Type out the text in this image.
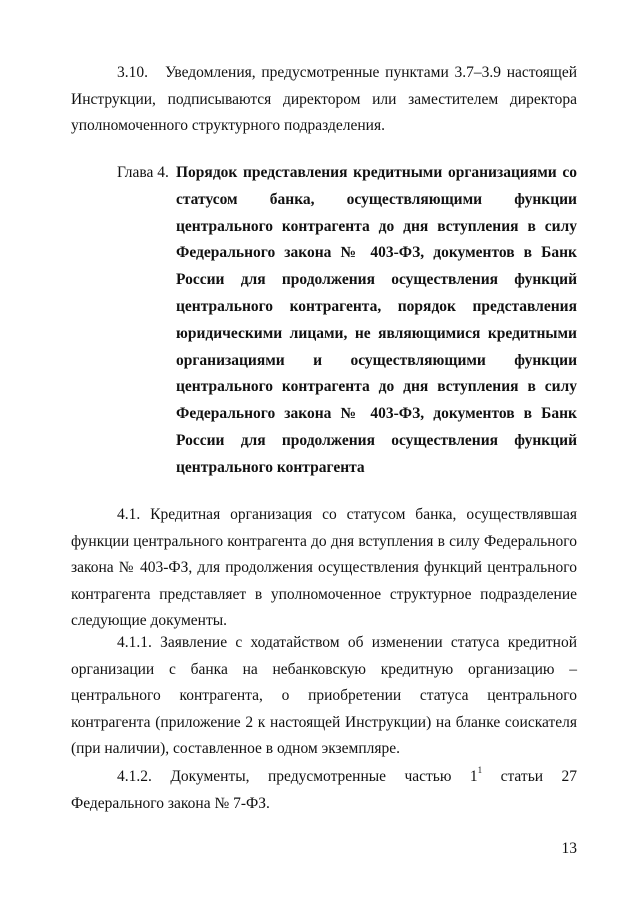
3.10. Уведомления, предусмотренные пунктами 3.7–3.9 настоящей Инструкции, подписываются директором или заместителем директора уполномоченного структурного подразделения.

Глава 4. Порядок представления кредитными организациями со статусом банка, осуществляющими функции центрального контрагента до дня вступления в силу Федерального закона № 403-ФЗ, документов в Банк России для продолжения осуществления функций центрального контрагента, порядок представления юридическими лицами, не являющимися кредитными организациями и осуществляющими функции центрального контрагента до дня вступления в силу Федерального закона № 403-ФЗ, документов в Банк России для продолжения осуществления функций центрального контрагента

4.1. Кредитная организация со статусом банка, осуществлявшая функции центрального контрагента до дня вступления в силу Федерального закона № 403-ФЗ, для продолжения осуществления функций центрального контрагента представляет в уполномоченное структурное подразделение следующие документы.

4.1.1. Заявление с ходатайством об изменении статуса кредитной организации с банка на небанковскую кредитную организацию – центрального контрагента, о приобретении статуса центрального контрагента (приложение 2 к настоящей Инструкции) на бланке соискателя (при наличии), составленное в одном экземпляре.

4.1.2. Документы, предусмотренные частью $1^1$ статьи 27 Федерального закона № 7-ФЗ.

13
